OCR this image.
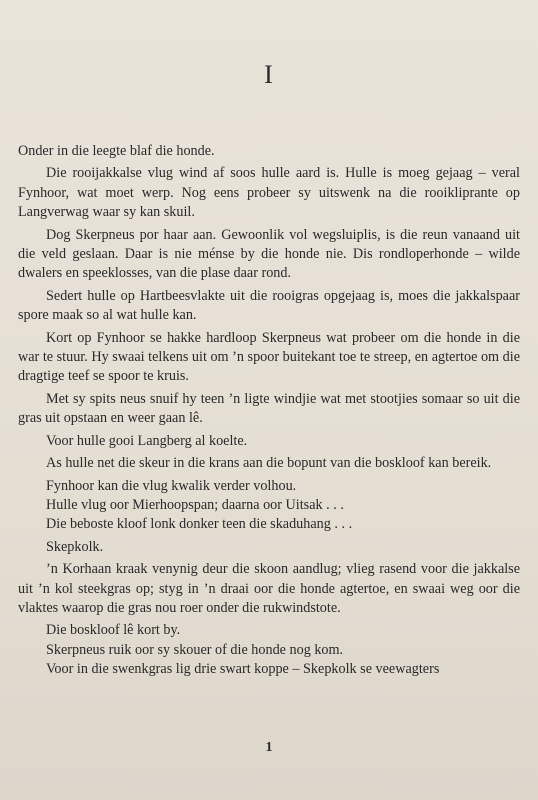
I

Onder in die leegte blaf die honde.

Die rooijakkalse vlug wind af soos hulle aard is. Hulle is moeg gejaag – veral Fynhoor, wat moet werp. Nog eens probeer sy uitswenk na die rooikliprante op Langverwag waar sy kan skuil.

Dog Skerpneus por haar aan. Gewoonlik vol wegsluiplis, is die reun vanaand uit die veld geslaan. Daar is nie ménse by die honde nie. Dis rondloperhonde – wilde dwalers en speeklosses, van die plase daar rond.

Sedert hulle op Hartbeesvlakte uit die rooigras opgejaag is, moes die jakkalspaar spore maak so al wat hulle kan.

Kort op Fynhoor se hakke hardloop Skerpneus wat probeer om die honde in die war te stuur. Hy swaai telkens uit om ’n spoor buitekant toe te streep, en agtertoe om die dragtige teef se spoor te kruis.

Met sy spits neus snuif hy teen ’n ligte windjie wat met stootjies somaar so uit die gras uit opstaan en weer gaan lê.

Voor hulle gooi Langberg al koelte.

As hulle net die skeur in die krans aan die bopunt van die boskloof kan bereik.

Fynhoor kan die vlug kwalik verder volhou.

Hulle vlug oor Mierhoopspan; daarna oor Uitsak . . .

Die beboste kloof lonk donker teen die skaduhang . . .

Skepkolk.

’n Korhaan kraak venynig deur die skoon aandlug; vlieg rasend voor die jakkalse uit ’n kol steekgras op; styg in ’n draai oor die honde agtertoe, en swaai weg oor die vlaktes waarop die gras nou roer onder die rukwindstote.

Die boskloof lê kort by.

Skerpneus ruik oor sy skouer of die honde nog kom.

Voor in die swenkgras lig drie swart koppe – Skepkolk se veewagters

1
